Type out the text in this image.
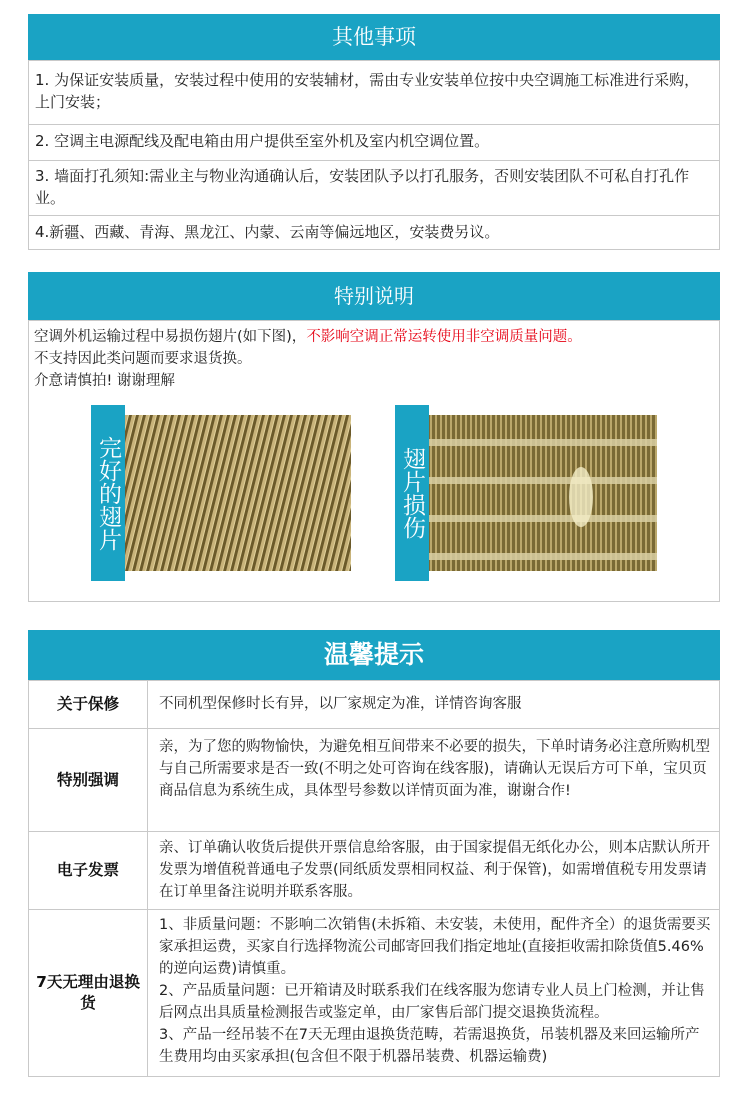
其他事项
1. 为保证安装质量，安装过程中使用的安装辅材，需由专业安装单位按中央空调施工标准进行采购，上门安装；
2. 空调主电源配线及配电箱由用户提供至室外机及室内机空调位置。
3. 墙面打孔须知:需业主与物业沟通确认后，安装团队予以打孔服务，否则安装团队不可私自打孔作业。
4.新疆、西藏、青海、黑龙江、内蒙、云南等偏远地区，安装费另议。
特别说明
空调外机运输过程中易损伤翅片(如下图)，不影响空调正常运转使用非空调质量问题。
不支持因此类问题而要求退货换。
介意请慎拍! 谢谢理解
完好的翅片	翅片损伤
温馨提示
关于保修	不同机型保修时长有异，以厂家规定为准，详情咨询客服
特别强调
亲，为了您的购物愉快，为避免相互间带来不必要的损失，下单时请务必注意所购机型与自己所需要求是否一致(不明之处可咨询在线客服)，请确认无误后方可下单，宝贝页商品信息为系统生成，具体型号参数以详情页面为准，谢谢合作!
电子发票
亲、订单确认收货后提供开票信息给客服，由于国家提倡无纸化办公，则本店默认所开发票为增值税普通电子发票(同纸质发票相同权益、利于保管)，如需增值税专用发票请在订单里备注说明并联系客服。
7天无理由退换货
1、非质量问题：不影响二次销售(未拆箱、未安装，未使用，配件齐全）的退货需要买家承担运费，买家自行选择物流公司邮寄回我们指定地址(直接拒收需扣除货值5.46%的逆向运费)请慎重。
2、产品质量问题：已开箱请及时联系我们在线客服为您请专业人员上门检测，并让售后网点出具质量检测报告或鉴定单，由厂家售后部门提交退换货流程。
3、产品一经吊装不在7天无理由退换货范畴，若需退换货，吊装机器及来回运输所产生费用均由买家承担(包含但不限于机器吊装费、机器运输费)
